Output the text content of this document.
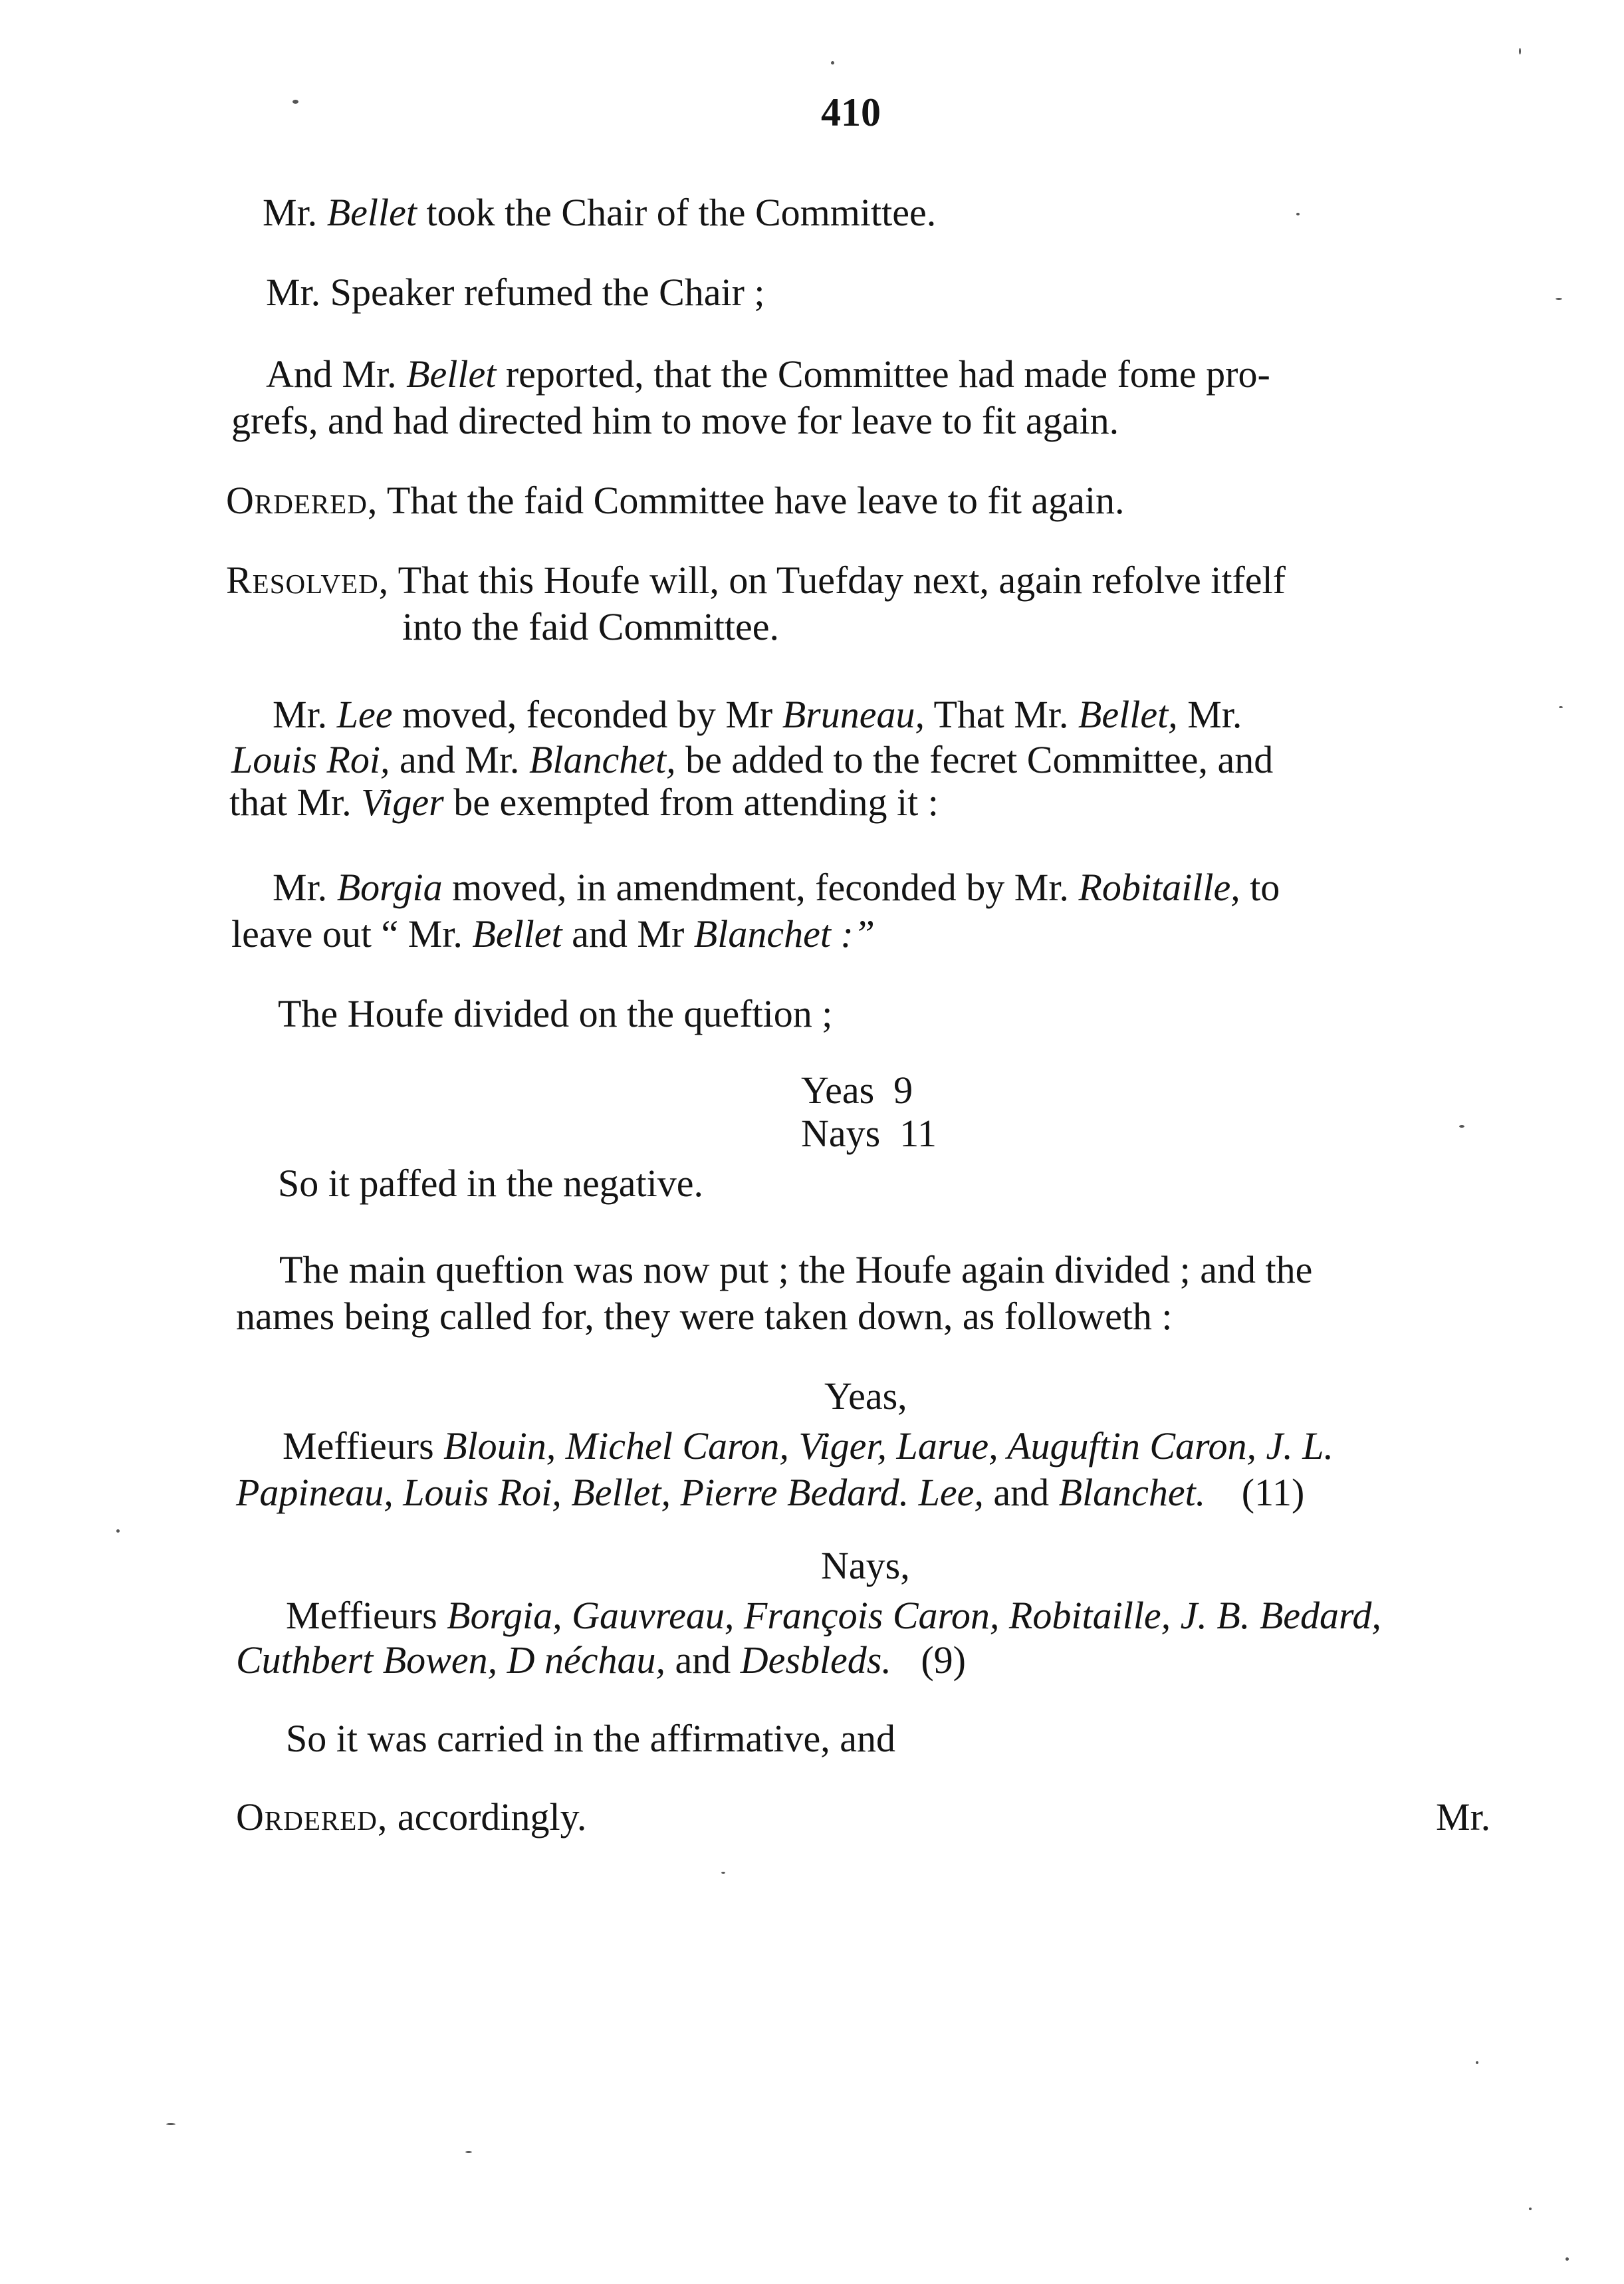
410
Mr. Bellet took the Chair of the Committee.
Mr. Speaker refumed the Chair ;
And Mr. Bellet reported, that the Committee had made fome pro-
grefs, and had directed him to move for leave to fit again.
Ordered, That the faid Committee have leave to fit again.
Resolved, That this Houfe will, on Tuefday next, again refolve itfelf
into the faid Committee.
Mr. Lee moved, feconded by Mr Bruneau, That Mr. Bellet, Mr.
Louis Roi, and Mr. Blanchet, be added to the fecret Committee, and
that Mr. Viger be exempted from attending it :
Mr. Borgia moved, in amendment, feconded by Mr. Robitaille, to
leave out “ Mr. Bellet and Mr Blanchet :”
The Houfe divided on the queftion ;
Yeas  9
Nays  11
So it paffed in the negative.
The main queftion was now put ; the Houfe again divided ; and the
names being called for, they were taken down, as followeth :
Yeas,
Meffieurs Blouin, Michel Caron, Viger, Larue, Auguftin Caron, J. L.
Papineau, Louis Roi, Bellet, Pierre Bedard. Lee, and Blanchet. (11)
Nays,
Meffieurs Borgia, Gauvreau, François Caron, Robitaille, J. B. Bedard,
Cuthbert Bowen, D néchau, and Desbleds. (9)
So it was carried in the affirmative, and
Ordered, accordingly.	Mr.
